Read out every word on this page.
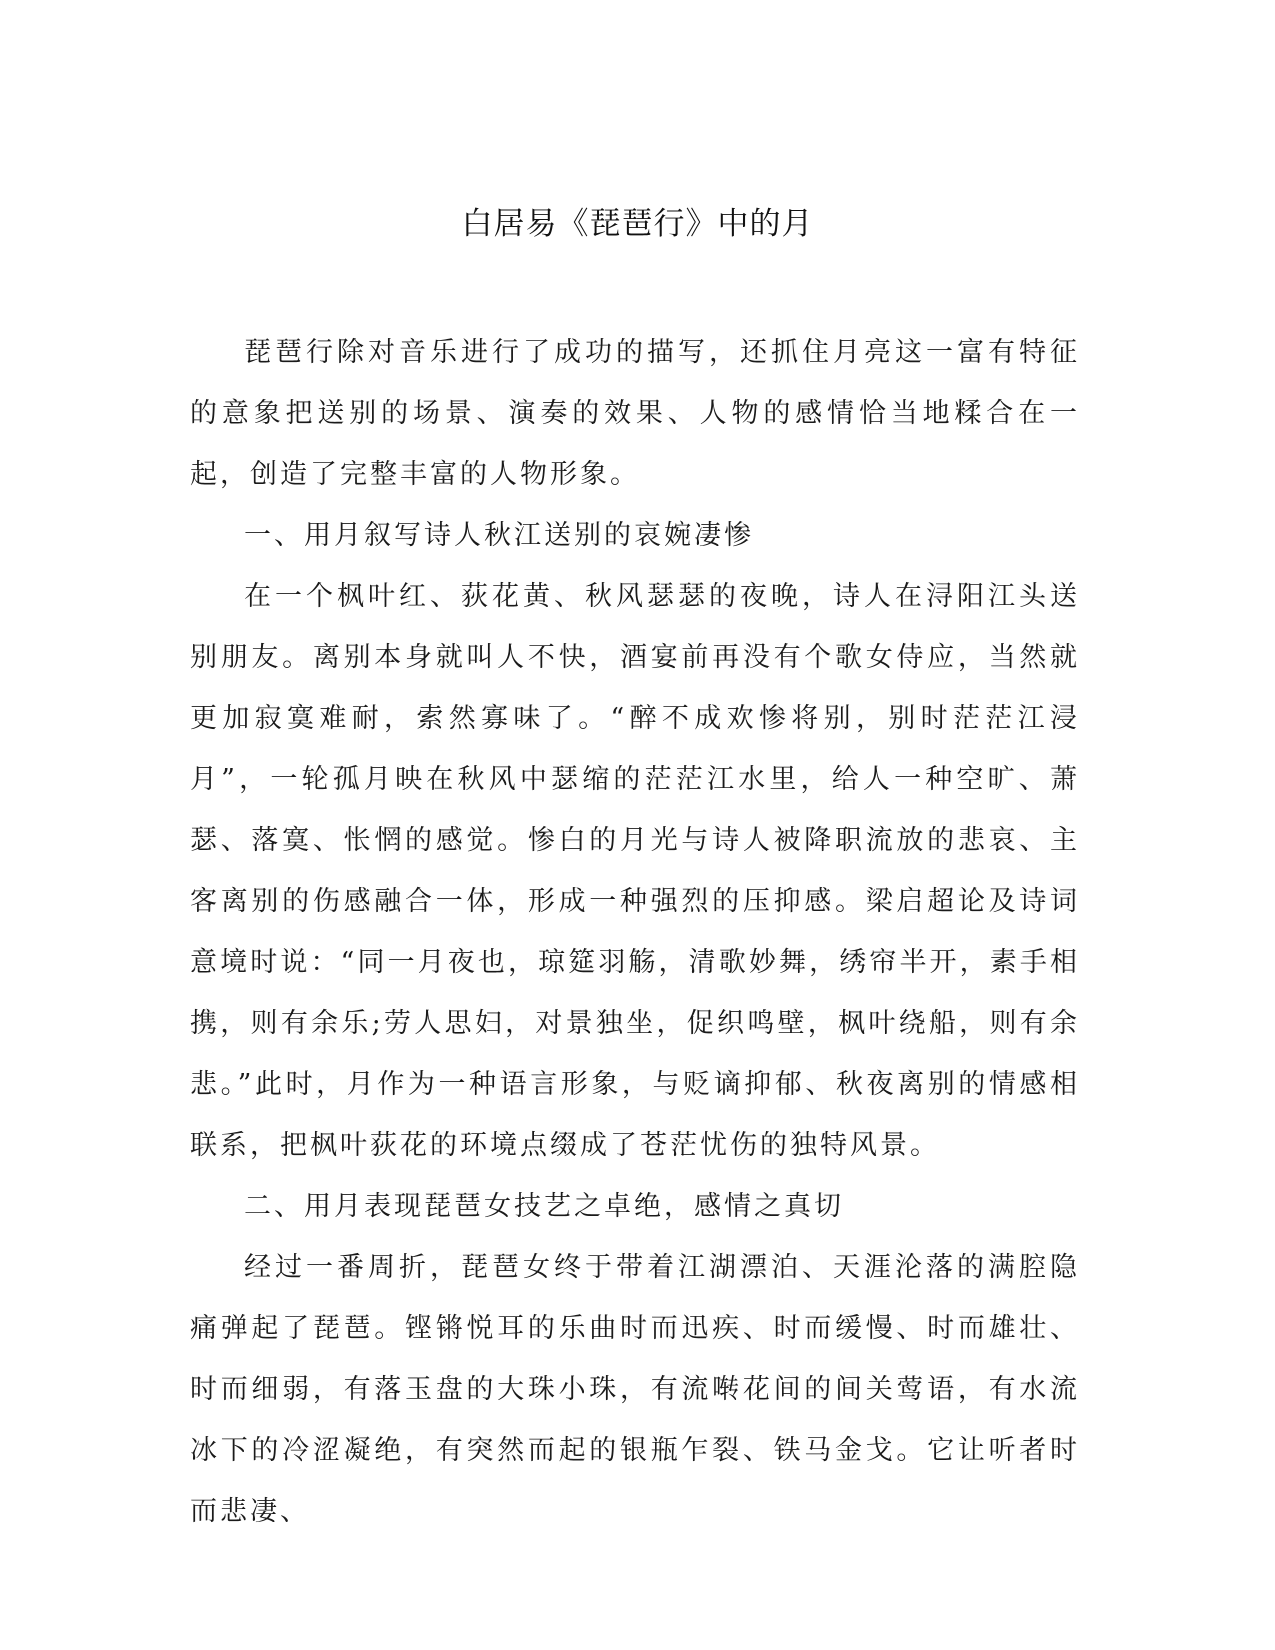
白居易《琵琶行》中的月

琵琶行除对音乐进行了成功的描写，还抓住月亮这一富有特征的意象把送别的场景、演奏的效果、人物的感情恰当地糅合在一起，创造了完整丰富的人物形象。

一、用月叙写诗人秋江送别的哀婉凄惨

在一个枫叶红、荻花黄、秋风瑟瑟的夜晚，诗人在浔阳江头送别朋友。离别本身就叫人不快，酒宴前再没有个歌女侍应，当然就更加寂寞难耐，索然寡味了。“醉不成欢惨将别，别时茫茫江浸月”，一轮孤月映在秋风中瑟缩的茫茫江水里，给人一种空旷、萧瑟、落寞、怅惘的感觉。惨白的月光与诗人被降职流放的悲哀、主客离别的伤感融合一体，形成一种强烈的压抑感。梁启超论及诗词意境时说：“同一月夜也，琼筵羽觞，清歌妙舞，绣帘半开，素手相携，则有余乐;劳人思妇，对景独坐，促织鸣壁，枫叶绕船，则有余悲。”此时，月作为一种语言形象，与贬谪抑郁、秋夜离别的情感相联系，把枫叶荻花的环境点缀成了苍茫忧伤的独特风景。

二、用月表现琵琶女技艺之卓绝，感情之真切

经过一番周折，琵琶女终于带着江湖漂泊、天涯沦落的满腔隐痛弹起了琵琶。铿锵悦耳的乐曲时而迅疾、时而缓慢、时而雄壮、时而细弱，有落玉盘的大珠小珠，有流啭花间的间关莺语，有水流冰下的冷涩凝绝，有突然而起的银瓶乍裂、铁马金戈。它让听者时而悲凄、
